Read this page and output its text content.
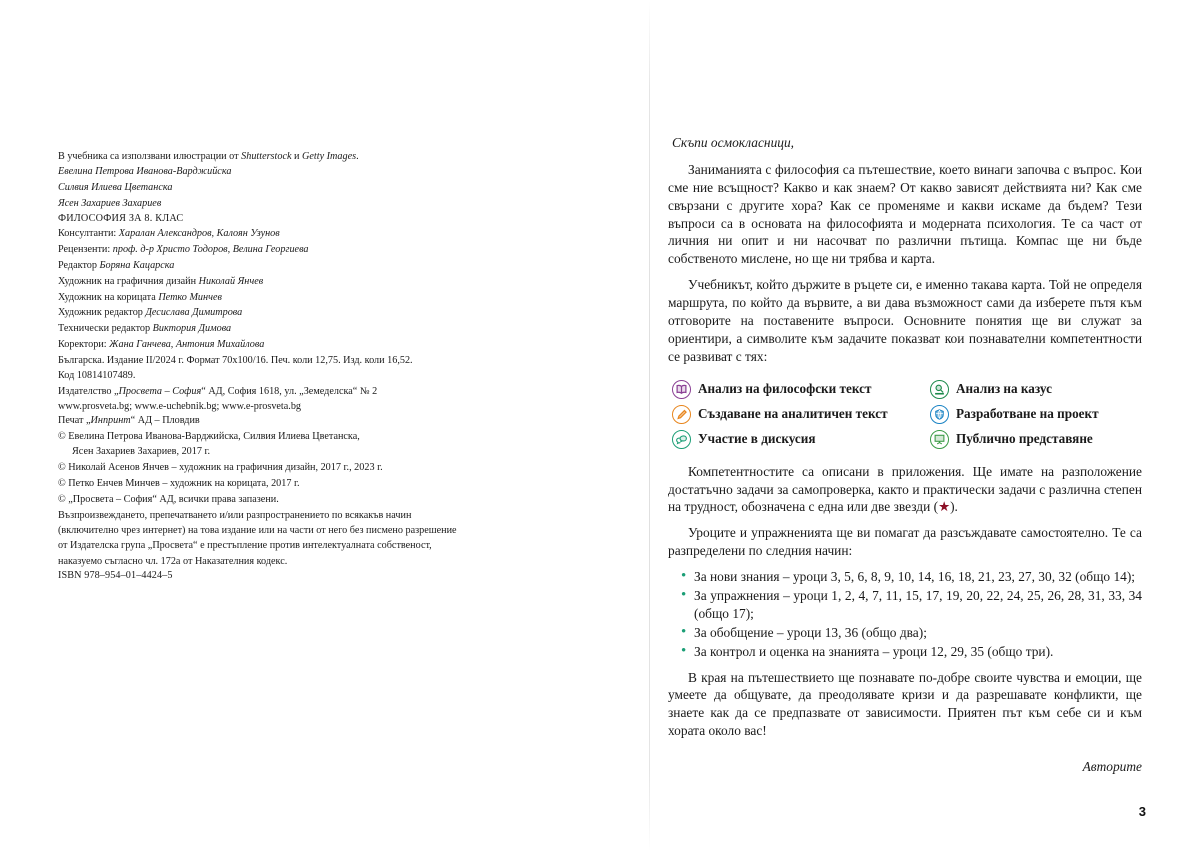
В учебника са използвани илюстрации от Shutterstock и Getty Images.
Евелина Петрова Иванова-Варджийска
Силвия Илиева Цветанска
Ясен Захариев Захариев
ФИЛОСОФИЯ ЗА 8. КЛАС
Консултанти: Харалан Александров, Калоян Узунов
Рецензенти: проф. д-р Христо Тодоров, Велина Георгиева
Редактор Боряна Кацарска
Художник на графичния дизайн Николай Янчев
Художник на корицата Петко Минчев
Художник редактор Десислава Димитрова
Технически редактор Виктория Димова
Коректори: Жана Ганчева, Антония Михайлова
Българска. Издание II/2024 г. Формат 70х100/16. Печ. коли 12,75. Изд. коли 16,52.
Код 10814107489.
Издателство „Просвета – София“ АД, София 1618, ул. „Земеделска“ № 2
www.prosveta.bg; www.e-uchebnik.bg; www.e-prosveta.bg
Печат „Инпринт“ АД – Пловдив
© Евелина Петрова Иванова-Варджийска, Силвия Илиева Цветанска,
Ясен Захариев Захариев, 2017 г.
© Николай Асенов Янчев – художник на графичния дизайн, 2017 г., 2023 г.
© Петко Енчев Минчев – художник на корицата, 2017 г.
© „Просвета – София“ АД, всички права запазени.
Възпроизвеждането, препечатването и/или разпространението по всякакъв начин
(включително чрез интернет) на това издание или на части от него без писмено разрешение
от Издателска група „Просвета“ е престъпление против интелектуалната собственост,
наказуемо съгласно чл. 172а от Наказателния кодекс.
ISBN 978–954–01–4424–5
Скъпи осмокласници,

Заниманията с философия са пътешествие, което винаги започва с въпрос. Кои сме ние всъщност? Какво и как знаем? От какво зависят действията ни? Как сме свързани с другите хора? Как се променяме и какви искаме да бъдем? Тези въпроси са в основата на философията и модерната психология. Те са част от личния ни опит и ни насочват по различни пътища. Компас ще ни бъде собственото мислене, но ще ни трябва и карта.

Учебникът, който държите в ръцете си, е именно такава карта. Той не определя маршрута, по който да вървите, а ви дава възможност сами да изберете пътя към отговорите на поставените въпроси. Основните понятия ще ви служат за ориентири, а символите към задачите показват кои познавателни компетентности се развиват с тях:

Анализ на философски текст	Анализ на казус
Създаване на аналитичен текст	Разработване на проект
Участие в дискусия	Публично представяне

Компетентностите са описани в приложения. Ще имате на разположение достатъчно задачи за самопроверка, както и практически задачи с различна степен на трудност, обозначена с една или две звезди (★).

Уроците и упражненията ще ви помагат да разсъждавате самостоятелно. Те са разпределени по следния начин:

• За нови знания – уроци 3, 5, 6, 8, 9, 10, 14, 16, 18, 21, 23, 27, 30, 32 (общо 14);
• За упражнения – уроци 1, 2, 4, 7, 11, 15, 17, 19, 20, 22, 24, 25, 26, 28, 31, 33, 34 (общо 17);
• За обобщение – уроци 13, 36 (общо два);
• За контрол и оценка на знанията – уроци 12, 29, 35 (общо три).

В края на пътешествието ще познавате по-добре своите чувства и емоции, ще умеете да общувате, да преодолявате кризи и да разрешавате конфликти, ще знаете как да се предпазвате от зависимости. Приятен път към себе си и към хората около вас!

Авторите

3
